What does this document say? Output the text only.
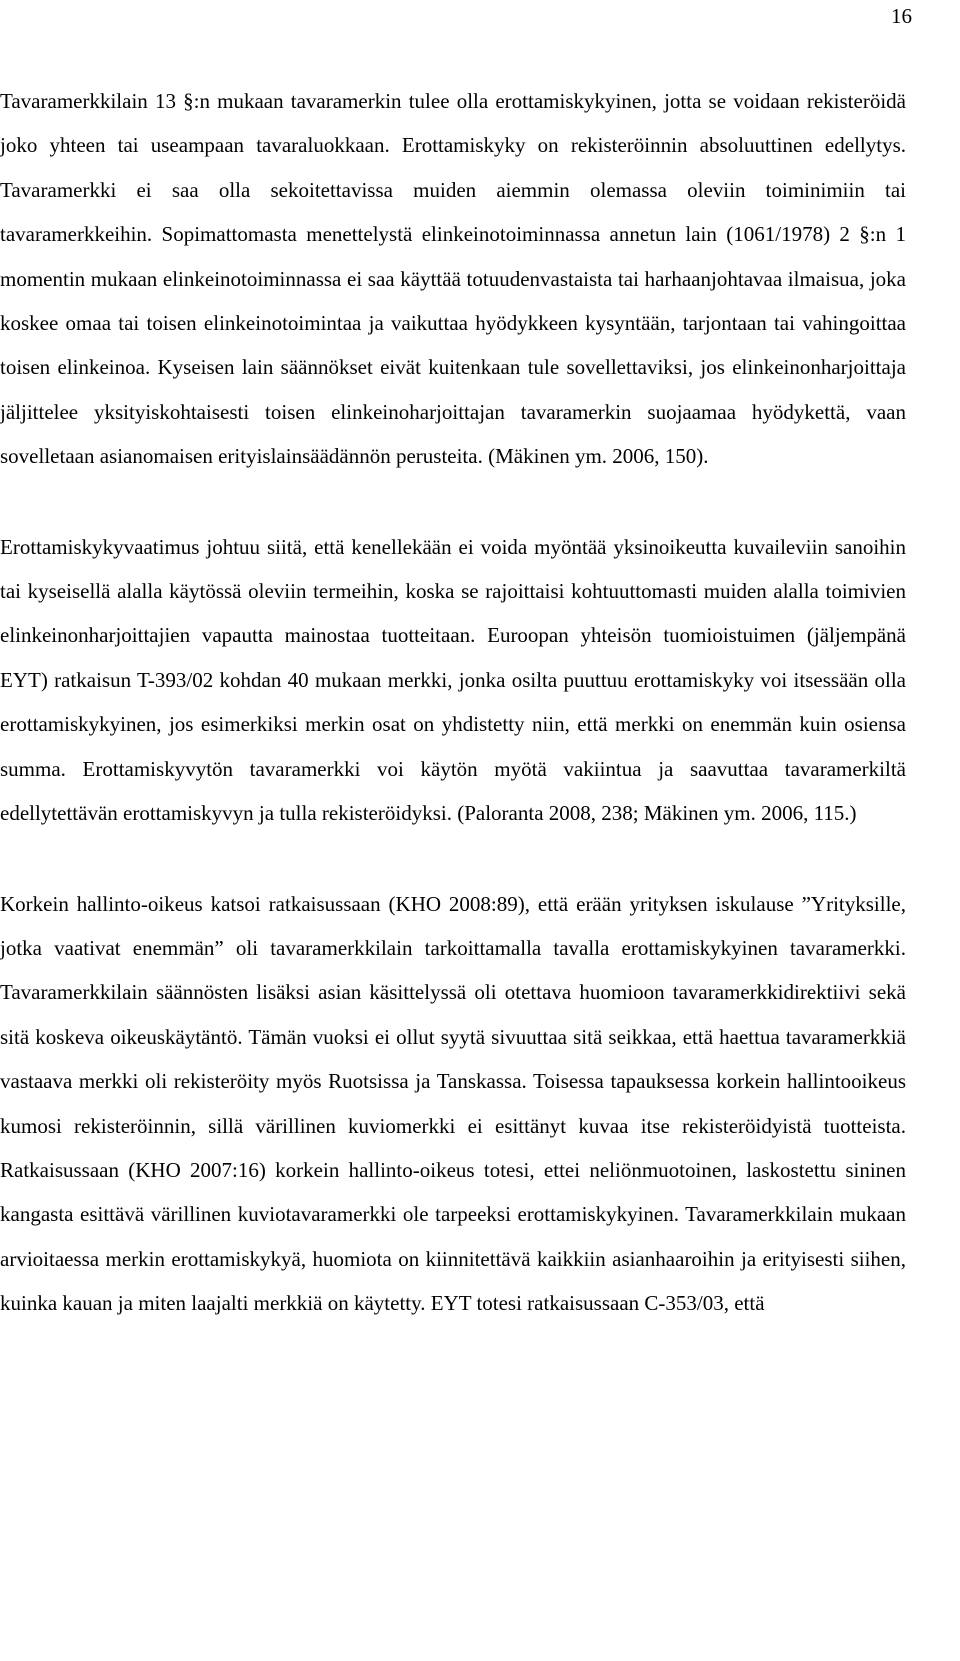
16

Tavaramerkkilain 13 §:n mukaan tavaramerkin tulee olla erottamiskykyinen, jotta se voidaan rekisteröidä joko yhteen tai useampaan tavaraluokkaan. Erottamiskyky on rekisteröinnin absoluuttinen edellytys. Tavaramerkki ei saa olla sekoitettavissa muiden aiemmin olemassa oleviin toiminimiin tai tavaramerkkeihin. Sopimattomasta menettelystä elinkeinotoiminnassa annetun lain (1061/1978) 2 §:n 1 momentin mukaan elinkeinotoiminnassa ei saa käyttää totuudenvastaista tai harhaanjohtavaa ilmaisua, joka koskee omaa tai toisen elinkeinotoimintaa ja vaikuttaa hyödykkeen kysyntään, tarjontaan tai vahingoittaa toisen elinkeinoa. Kyseisen lain säännökset eivät kuitenkaan tule sovellettaviksi, jos elinkeinonharjoittaja jäljittelee yksityiskohtaisesti toisen elinkeinoharjoittajan tavaramerkin suojaamaa hyödykettä, vaan sovelletaan asianomaisen erityislainsäädännön perusteita. (Mäkinen ym. 2006, 150).

Erottamiskykyvaatimus johtuu siitä, että kenellekään ei voida myöntää yksinoikeutta kuvaileviin sanoihin tai kyseisellä alalla käytössä oleviin termeihin, koska se rajoittaisi kohtuuttomasti muiden alalla toimivien elinkeinonharjoittajien vapautta mainostaa tuotteitaan. Euroopan yhteisön tuomioistuimen (jäljempänä EYT) ratkaisun T-393/02 kohdan 40 mukaan merkki, jonka osilta puuttuu erottamiskyky voi itsessään olla erottamiskykyinen, jos esimerkiksi merkin osat on yhdistetty niin, että merkki on enemmän kuin osiensa summa. Erottamiskyvytön tavaramerkki voi käytön myötä vakiintua ja saavuttaa tavaramerkiltä edellytettävän erottamiskyvyn ja tulla rekisteröidyksi. (Paloranta 2008, 238; Mäkinen ym. 2006, 115.)

Korkein hallinto-oikeus katsoi ratkaisussaan (KHO 2008:89), että erään yrityksen iskulause ”Yrityksille, jotka vaativat enemmän” oli tavaramerkkilain tarkoittamalla tavalla erottamiskykyinen tavaramerkki. Tavaramerkkilain säännösten lisäksi asian käsittelyssä oli otettava huomioon tavaramerkkidirektiivi sekä sitä koskeva oikeuskäytäntö. Tämän vuoksi ei ollut syytä sivuuttaa sitä seikkaa, että haettua tavaramerkkiä vastaava merkki oli rekisteröity myös Ruotsissa ja Tanskassa. Toisessa tapauksessa korkein hallintooikeus kumosi rekisteröinnin, sillä värillinen kuviomerkki ei esittänyt kuvaa itse rekisteröidyistä tuotteista. Ratkaisussaan (KHO 2007:16) korkein hallinto-oikeus totesi, ettei neliönmuotoinen, laskostettu sininen kangasta esittävä värillinen kuviotavaramerkki ole tarpeeksi erottamiskykyinen. Tavaramerkkilain mukaan arvioitaessa merkin erottamiskykyä, huomiota on kiinnitettävä kaikkiin asianhaaroihin ja erityisesti siihen, kuinka kauan ja miten laajalti merkkiä on käytetty. EYT totesi ratkaisussaan C-353/03, että
